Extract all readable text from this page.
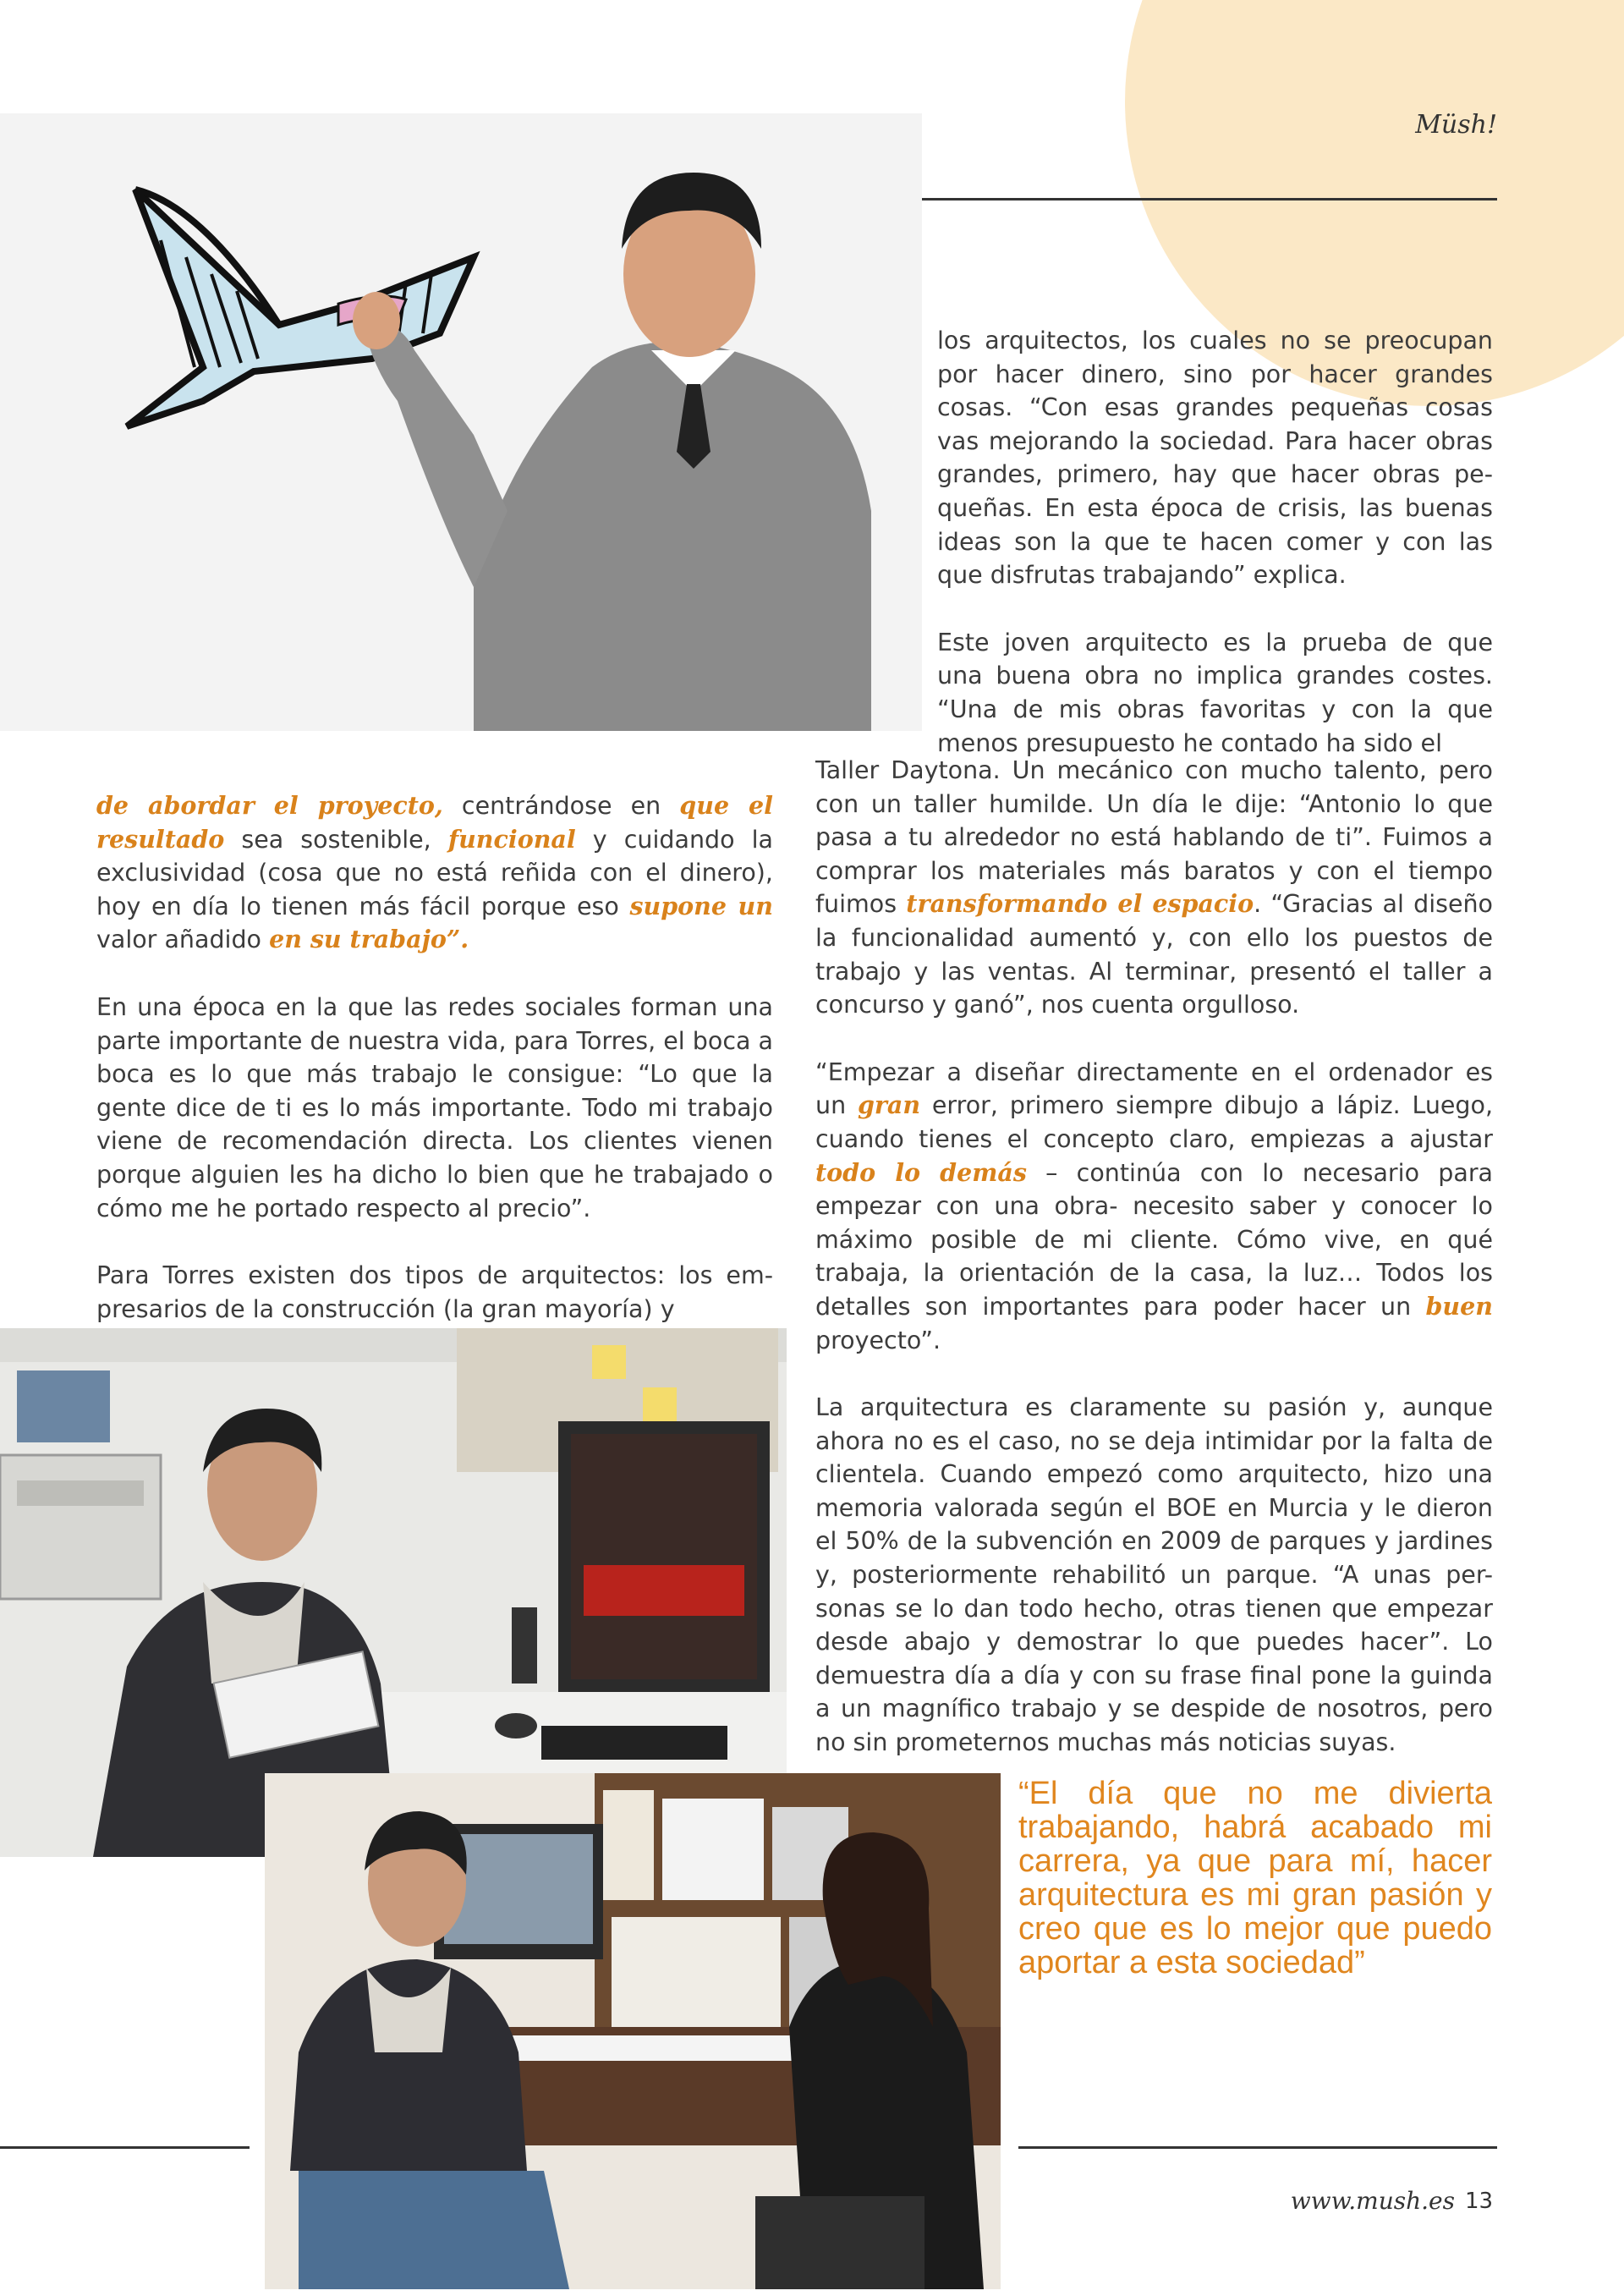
Müsh!

los arquitectos, los cuales no se preocupan por hacer dinero, sino por hacer grandes cosas. “Con esas grandes pequeñas cosas vas mejorando la sociedad. Para hacer obras grandes, primero, hay que hacer obras pe-queñas. En esta época de crisis, las buenas ideas son la que te hacen comer y con las que disfrutas trabajando” explica.

Este joven arquitecto es la prueba de que una buena obra no implica grandes costes. “Una de mis obras favoritas y con la que menos presupuesto he contado ha sido el

de abordar el proyecto, centrándose en que el resultado sea sostenible, funcional y cuidando la exclusividad (cosa que no está reñida con el dinero), hoy en día lo tienen más fácil porque eso supone un valor añadido en su trabajo”.

En una época en la que las redes sociales forman una parte importante de nuestra vida, para Torres, el boca a boca es lo que más trabajo le consigue: “Lo que la gente dice de ti es lo más importante. Todo mi trabajo viene de recomendación directa. Los clientes vienen porque alguien les ha dicho lo bien que he trabajado o cómo me he portado respecto al precio”.

Para Torres existen dos tipos de arquitectos: los em-presarios de la construcción (la gran mayoría) y

Taller Daytona. Un mecánico con mucho talento, pero con un taller humilde. Un día le dije: “Antonio lo que pasa a tu alrededor no está hablando de ti”. Fuimos a comprar los materiales más baratos y con el tiempo fuimos transformando el espacio. “Gracias al diseño la funcionalidad aumentó y, con ello los puestos de trabajo y las ventas. Al terminar, presentó el taller a concurso y ganó”, nos cuenta orgulloso.

“Empezar a diseñar directamente en el ordenador es un gran error, primero siempre dibujo a lápiz. Luego, cuando tienes el concepto claro, empiezas a ajustar todo lo demás – continúa con lo necesario para empezar con una obra- necesito saber y conocer lo máximo posible de mi cliente. Cómo vive, en qué trabaja, la orientación de la casa, la luz… Todos los detalles son importantes para poder hacer un buen proyecto”.

La arquitectura es claramente su pasión y, aunque ahora no es el caso, no se deja intimidar por la falta de clientela. Cuando empezó como arquitecto, hizo una memoria valorada según el BOE en Murcia y le dieron el 50% de la subvención en 2009 de parques y jardines y, posteriormente rehabilitó un parque. “A unas per-sonas se lo dan todo hecho, otras tienen que empezar desde abajo y demostrar lo que puedes hacer”. Lo demuestra día a día y con su frase final pone la guinda a un magnífico trabajo y se despide de nosotros, pero no sin prometernos muchas más noticias suyas.

“El día que no me divierta trabajando, habrá acabado mi carrera, ya que para mí, hacer arquitectura es mi gran pasión y creo que es lo mejor que puedo aportar a esta sociedad”
www.mush.es 13
